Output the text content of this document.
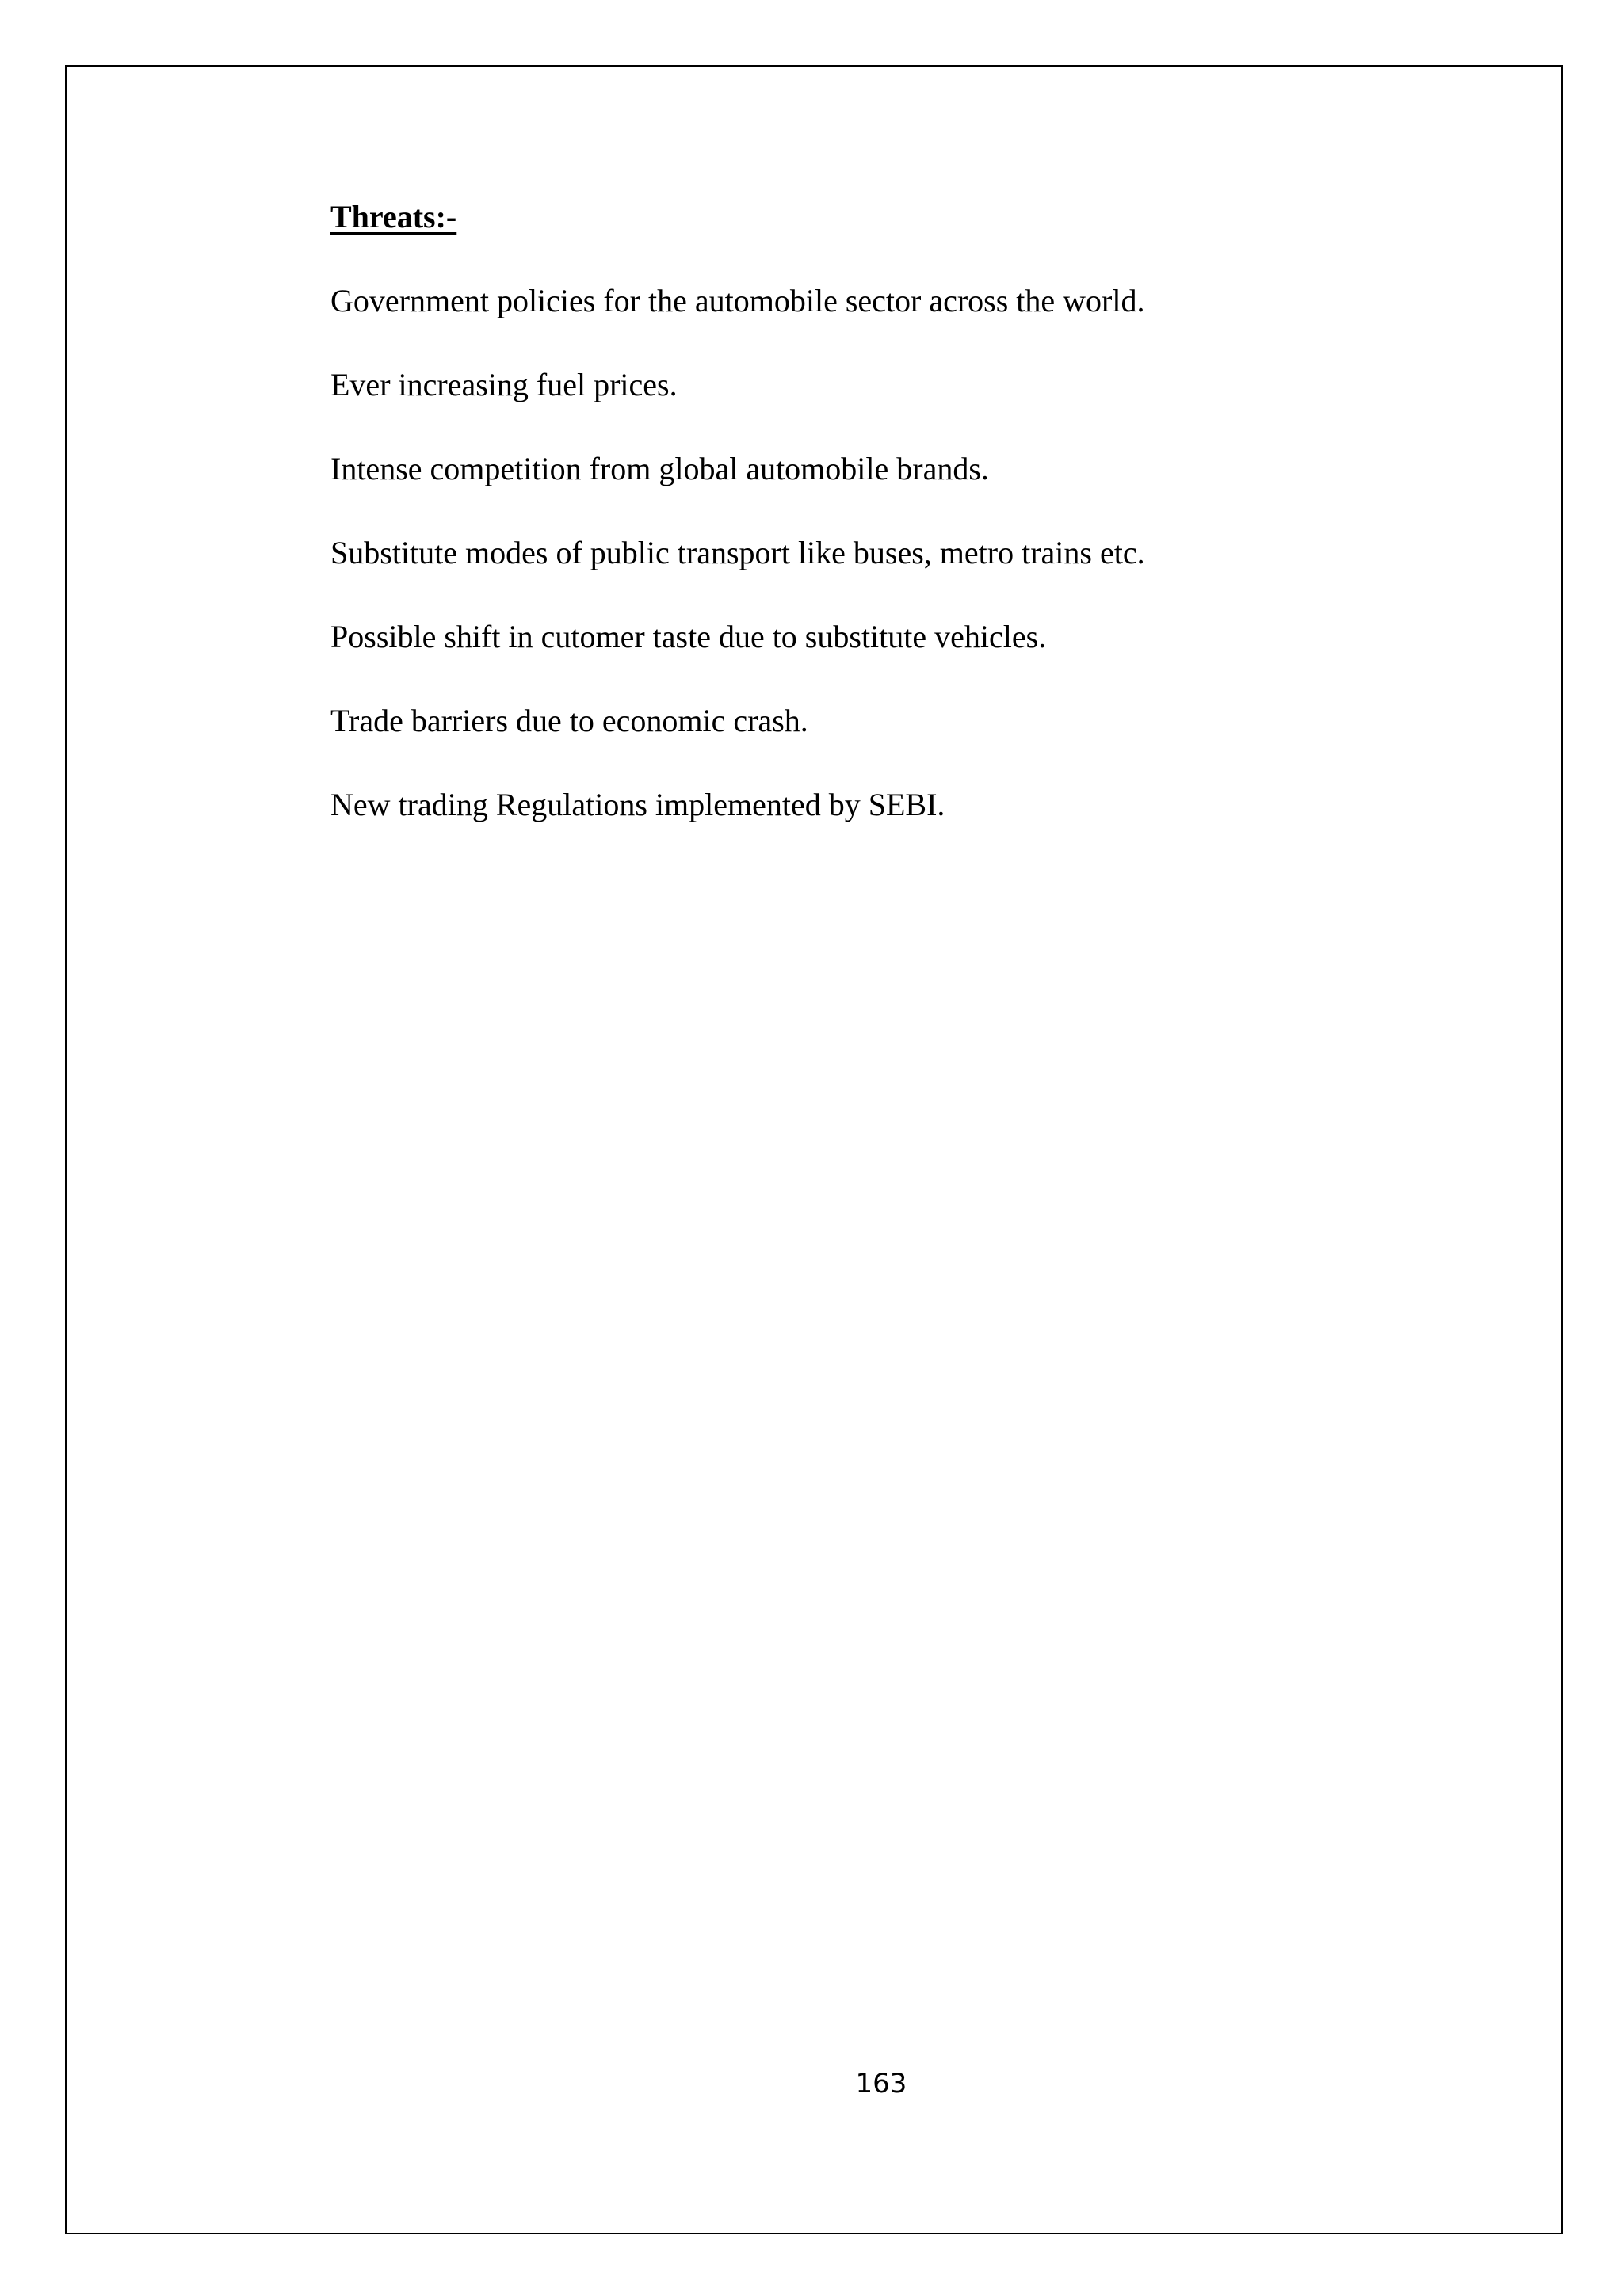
Threats:-
Government policies for the automobile sector across the world.
Ever increasing fuel prices.
Intense competition from global automobile brands.
Substitute modes of public transport like buses, metro trains etc.
Possible shift in cutomer taste due to substitute vehicles.
Trade barriers due to economic crash.
New trading Regulations implemented by SEBI.
163
